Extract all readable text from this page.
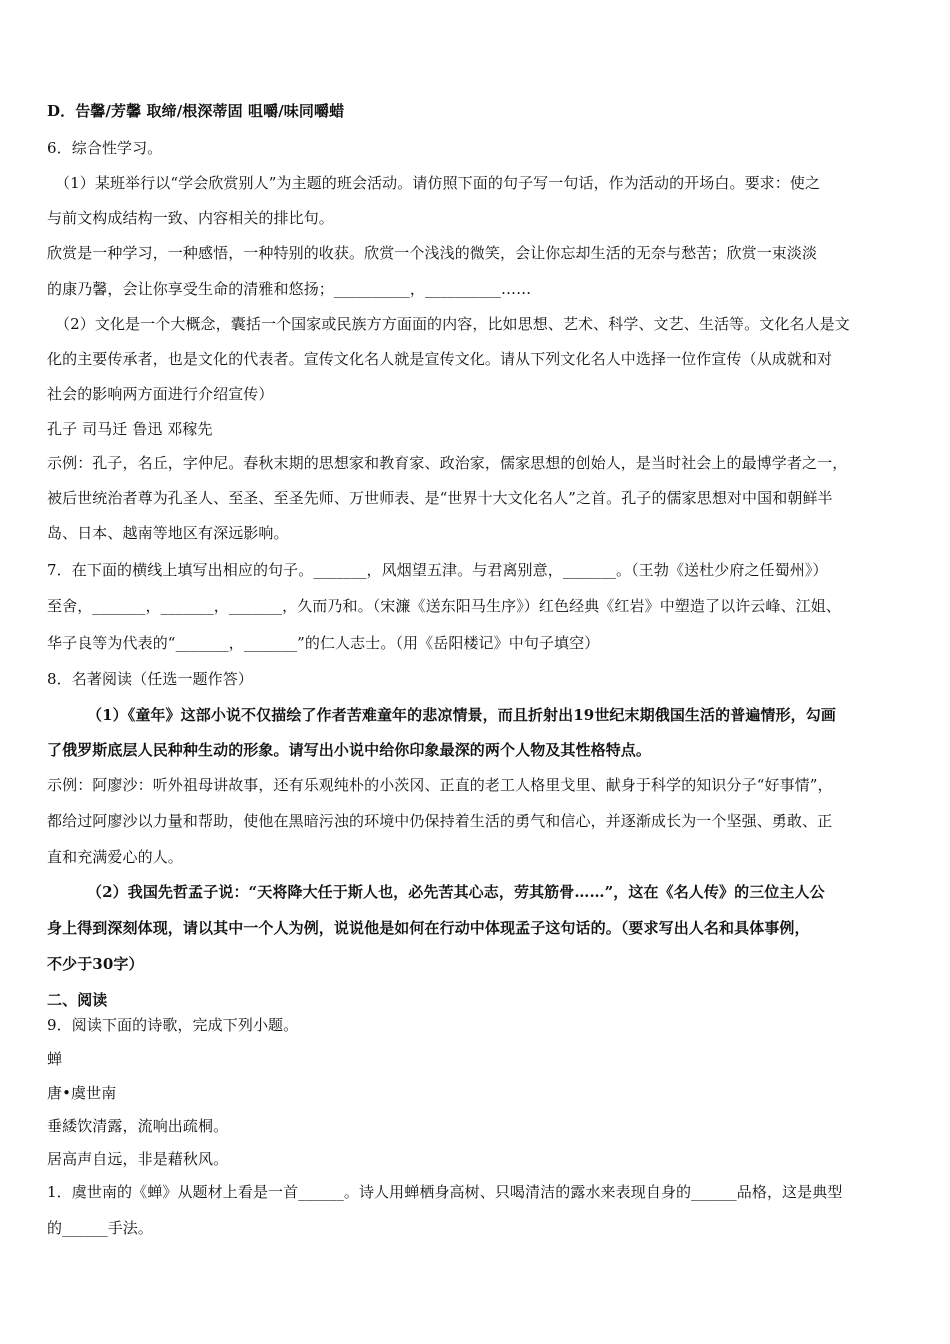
D．告馨/芳馨 取缔/根深蒂固 咀嚼/味同嚼蜡
6．综合性学习。
（1）某班举行以“学会欣赏别人”为主题的班会活动。请仿照下面的句子写一句话，作为活动的开场白。要求：使之
与前文构成结构一致、内容相关的排比句。
欣赏是一种学习，一种感悟，一种特别的收获。欣赏一个浅浅的微笑，会让你忘却生活的无奈与愁苦；欣赏一束淡淡
的康乃馨，会让你享受生命的清雅和悠扬；__________，__________……
（2）文化是一个大概念，囊括一个国家或民族方方面面的内容，比如思想、艺术、科学、文艺、生活等。文化名人是文
化的主要传承者，也是文化的代表者。宣传文化名人就是宣传文化。请从下列文化名人中选择一位作宣传（从成就和对
社会的影响两方面进行介绍宣传）
孔子 司马迁 鲁迅 邓稼先
示例：孔子，名丘，字仲尼。春秋末期的思想家和教育家、政治家，儒家思想的创始人，是当时社会上的最博学者之一，
被后世统治者尊为孔圣人、至圣、至圣先师、万世师表、是“世界十大文化名人”之首。孔子的儒家思想对中国和朝鲜半
岛、日本、越南等地区有深远影响。
7．在下面的横线上填写出相应的句子。_______，风烟望五津。与君离别意，_______。（王勃《送杜少府之任蜀州》）
至舍，_______，_______，_______，久而乃和。（宋濂《送东阳马生序》）红色经典《红岩》中塑造了以许云峰、江姐、
华子良等为代表的“_______，_______”的仁人志士。（用《岳阳楼记》中句子填空）
8．名著阅读（任选一题作答）
（1）《童年》这部小说不仅描绘了作者苦难童年的悲凉情景，而且折射出19世纪末期俄国生活的普遍情形，勾画
了俄罗斯底层人民种种生动的形象。请写出小说中给你印象最深的两个人物及其性格特点。
示例：阿廖沙：听外祖母讲故事，还有乐观纯朴的小茨冈、正直的老工人格里戈里、献身于科学的知识分子“好事情”，
都给过阿廖沙以力量和帮助，使他在黑暗污浊的环境中仍保持着生活的勇气和信心，并逐渐成长为一个坚强、勇敢、正
直和充满爱心的人。
（2）我国先哲孟子说：“天将降大任于斯人也，必先苦其心志，劳其筋骨……”，这在《名人传》的三位主人公
身上得到深刻体现，请以其中一个人为例，说说他是如何在行动中体现孟子这句话的。（要求写出人名和具体事例，
不少于30字）
二、阅读
9．阅读下面的诗歌，完成下列小题。
蝉
唐•虞世南
垂緌饮清露，流响出疏桐。
居高声自远，非是藉秋风。
1．虞世南的《蝉》从题材上看是一首______。诗人用蝉栖身高树、只喝清洁的露水来表现自身的______品格，这是典型
的______手法。
